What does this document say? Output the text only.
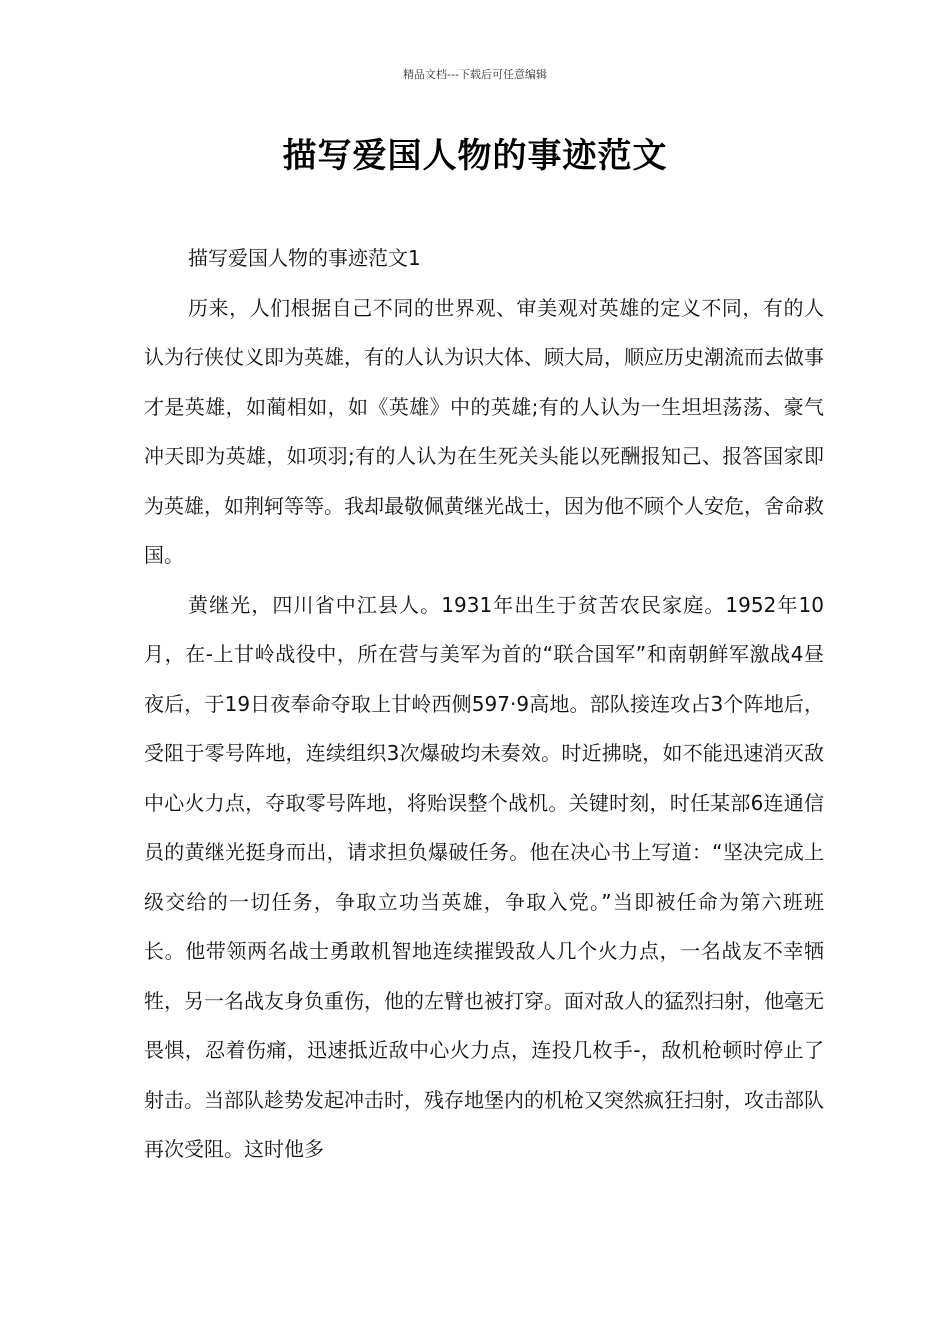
精品文档---下载后可任意编辑
描写爱国人物的事迹范文

描写爱国人物的事迹范文1

历来，人们根据自己不同的世界观、审美观对英雄的定义不同，有的人认为行侠仗义即为英雄，有的人认为识大体、顾大局，顺应历史潮流而去做事才是英雄，如蔺相如，如《英雄》中的英雄;有的人认为一生坦坦荡荡、豪气冲天即为英雄，如项羽;有的人认为在生死关头能以死酬报知己、报答国家即为英雄，如荆轲等等。我却最敬佩黄继光战士，因为他不顾个人安危，舍命救国。

黄继光，四川省中江县人。1931年出生于贫苦农民家庭。1952年10月，在-上甘岭战役中，所在营与美军为首的“联合国军”和南朝鲜军激战4昼夜后，于19日夜奉命夺取上甘岭西侧597·9高地。部队接连攻占3个阵地后，受阻于零号阵地，连续组织3次爆破均未奏效。时近拂晓，如不能迅速消灭敌中心火力点，夺取零号阵地，将贻误整个战机。关键时刻，时任某部6连通信员的黄继光挺身而出，请求担负爆破任务。他在决心书上写道：“坚决完成上级交给的一切任务，争取立功当英雄，争取入党。”当即被任命为第六班班长。他带领两名战士勇敢机智地连续摧毁敌人几个火力点，一名战友不幸牺牲，另一名战友身负重伤，他的左臂也被打穿。面对敌人的猛烈扫射，他毫无畏惧，忍着伤痛，迅速抵近敌中心火力点，连投几枚手-，敌机枪顿时停止了射击。当部队趁势发起冲击时，残存地堡内的机枪又突然疯狂扫射，攻击部队再次受阻。这时他多
